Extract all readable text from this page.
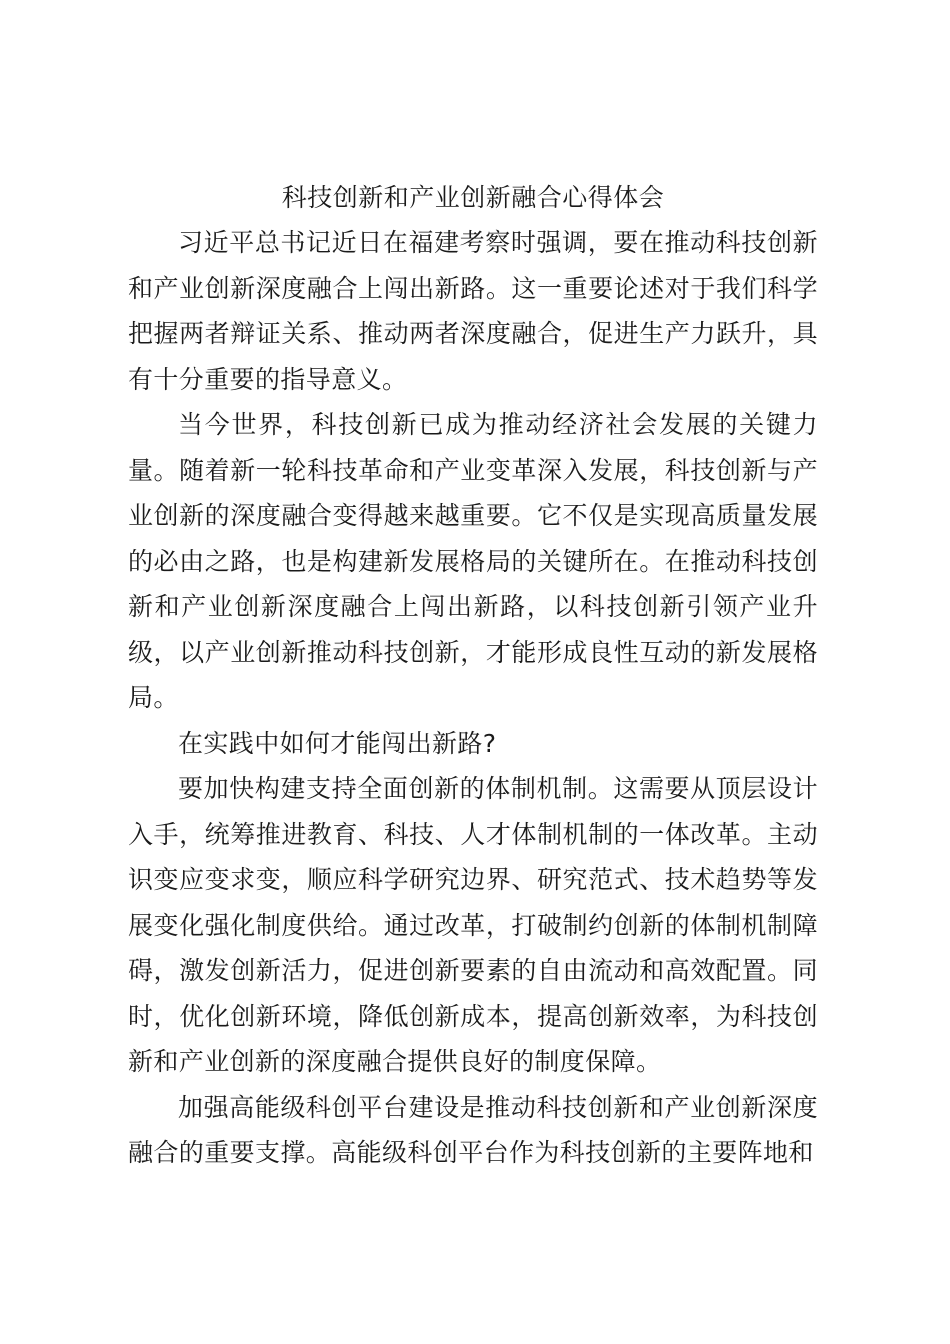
科技创新和产业创新融合心得体会

习近平总书记近日在福建考察时强调，要在推动科技创新和产业创新深度融合上闯出新路。这一重要论述对于我们科学把握两者辩证关系、推动两者深度融合，促进生产力跃升，具有十分重要的指导意义。

当今世界，科技创新已成为推动经济社会发展的关键力量。随着新一轮科技革命和产业变革深入发展，科技创新与产业创新的深度融合变得越来越重要。它不仅是实现高质量发展的必由之路，也是构建新发展格局的关键所在。在推动科技创新和产业创新深度融合上闯出新路，以科技创新引领产业升级，以产业创新推动科技创新，才能形成良性互动的新发展格局。

在实践中如何才能闯出新路?

要加快构建支持全面创新的体制机制。这需要从顶层设计入手，统筹推进教育、科技、人才体制机制的一体改革。主动识变应变求变，顺应科学研究边界、研究范式、技术趋势等发展变化强化制度供给。通过改革，打破制约创新的体制机制障碍，激发创新活力，促进创新要素的自由流动和高效配置。同时，优化创新环境，降低创新成本，提高创新效率，为科技创新和产业创新的深度融合提供良好的制度保障。

加强高能级科创平台建设是推动科技创新和产业创新深度融合的重要支撑。高能级科创平台作为科技创新的主要阵地和
